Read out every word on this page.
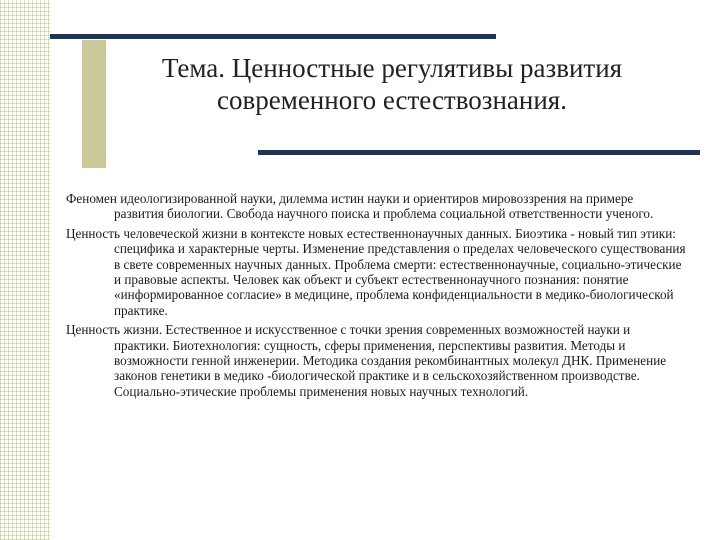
Тема. Ценностные регулятивы развития
современного естествознания.

Феномен идеологизированной науки, дилемма истин науки и ориентиров мировоззрения на примере развития биологии. Свобода научного поиска и проблема социальной ответственности ученого.

Ценность человеческой жизни в контексте новых естественнонаучных данных. Биоэтика - новый тип этики: специфика и характерные черты. Изменение представления о пределах человеческого существования в свете современных научных данных. Проблема смерти: естественнонаучные, социально-этические и правовые аспекты. Человек как объект и субъект естественнонаучного познания: понятие «информированное согласие» в медицине, проблема конфиденциальности в медико-биологической практике.

Ценность жизни. Естественное и искусственное с точки зрения современных возможностей науки и практики. Биотехнология: сущность, сферы применения, перспективы развития. Методы и возможности генной инженерии. Методика создания рекомбинантных молекул ДНК. Применение законов генетики в медико -биологической практике и в сельскохозяйственном производстве. Социально-этические проблемы применения новых научных технологий.
